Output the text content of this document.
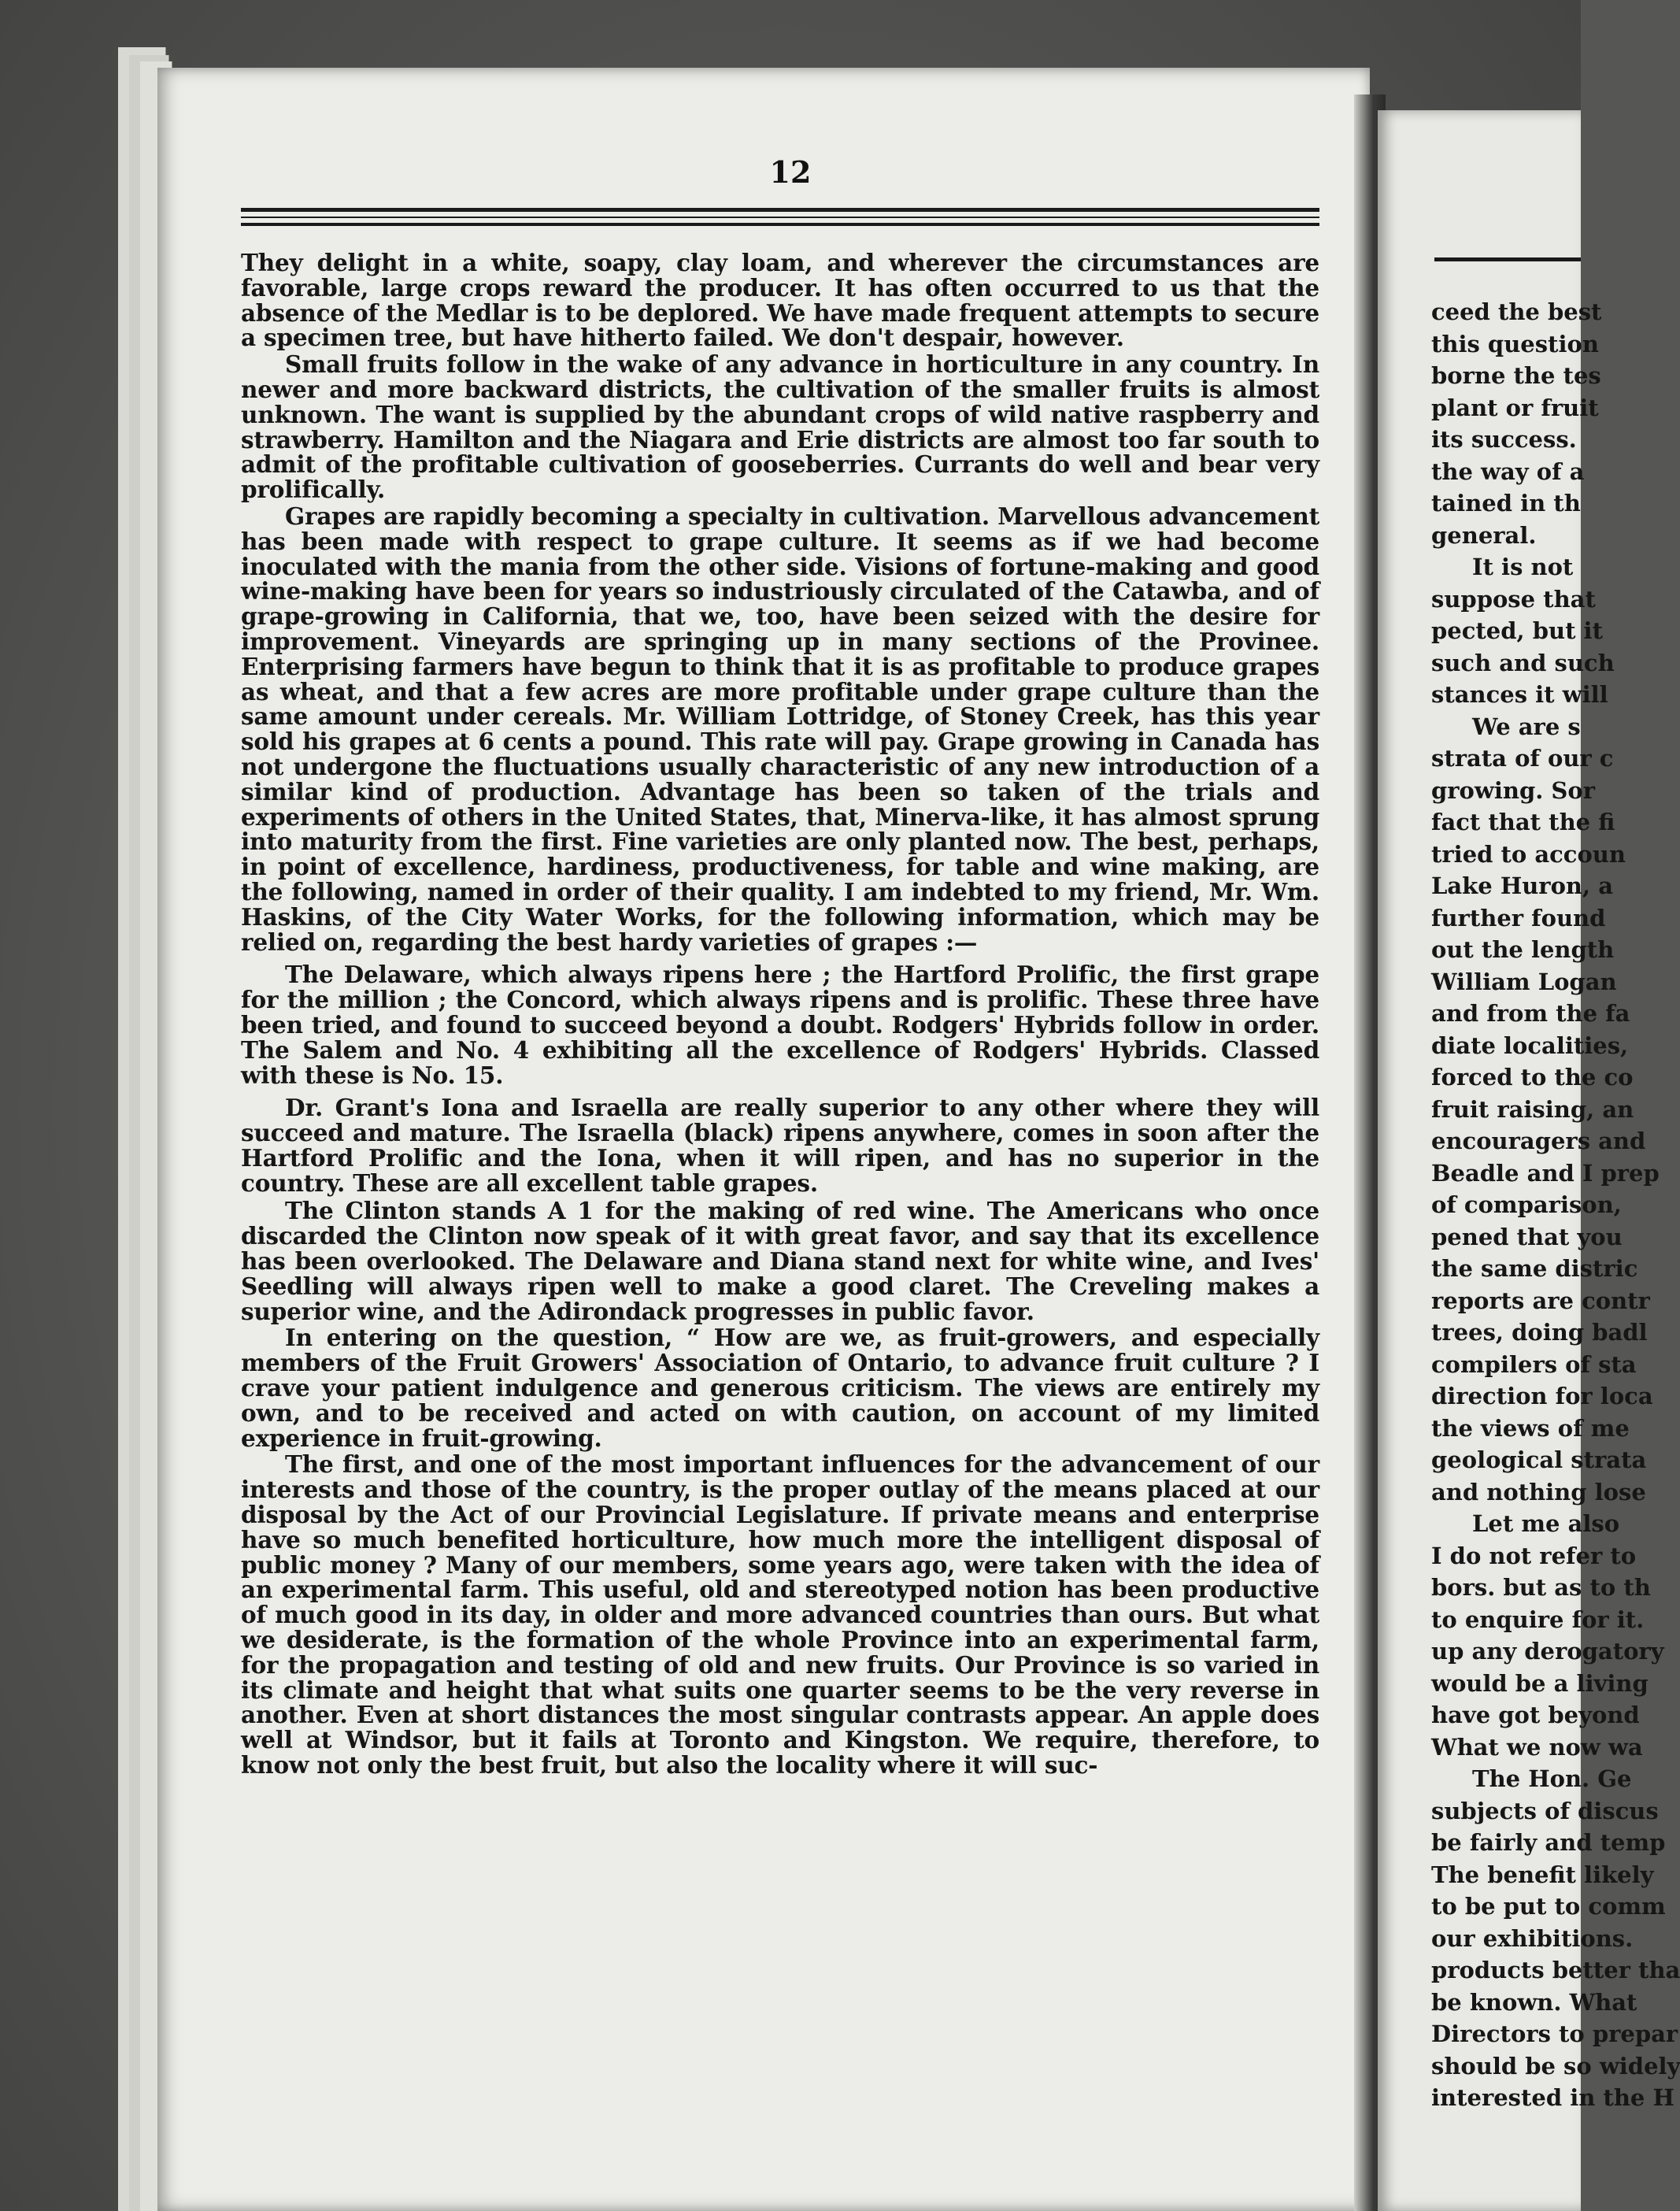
12

They delight in a white, soapy, clay loam, and wherever the circumstances are favorable, large crops reward the producer. It has often occurred to us that the absence of the Medlar is to be deplored. We have made frequent attempts to secure a specimen tree, but have hitherto failed. We don't despair, however.

Small fruits follow in the wake of any advance in horticulture in any country. In newer and more backward districts, the cultivation of the smaller fruits is almost unknown. The want is supplied by the abundant crops of wild native raspberry and strawberry. Hamilton and the Niagara and Erie districts are almost too far south to admit of the profitable cultivation of gooseberries. Currants do well and bear very prolifically.

Grapes are rapidly becoming a specialty in cultivation. Marvellous advancement has been made with respect to grape culture. It seems as if we had become inoculated with the mania from the other side. Visions of fortune-making and good wine-making have been for years so industriously circulated of the Catawba, and of grape-growing in California, that we, too, have been seized with the desire for improvement. Vineyards are springing up in many sections of the Provinee. Enterprising farmers have begun to think that it is as profitable to produce grapes as wheat, and that a few acres are more profitable under grape culture than the same amount under cereals. Mr. William Lottridge, of Stoney Creek, has this year sold his grapes at 6 cents a pound. This rate will pay. Grape growing in Canada has not undergone the fluctuations usually characteristic of any new introduction of a similar kind of production. Advantage has been so taken of the trials and experiments of others in the United States, that, Minerva-like, it has almost sprung into maturity from the first. Fine varieties are only planted now. The best, perhaps, in point of excellence, hardiness, productiveness, for table and wine making, are the following, named in order of their quality. I am indebted to my friend, Mr. Wm. Haskins, of the City Water Works, for the following information, which may be relied on, regarding the best hardy varieties of grapes :—

The Delaware, which always ripens here ; the Hartford Prolific, the first grape for the million ; the Concord, which always ripens and is prolific. These three have been tried, and found to succeed beyond a doubt. Rodgers' Hybrids follow in order. The Salem and No. 4 exhibiting all the excellence of Rodgers' Hybrids. Classed with these is No. 15.

Dr. Grant's Iona and Israella are really superior to any other where they will succeed and mature. The Israella (black) ripens anywhere, comes in soon after the Hartford Prolific and the Iona, when it will ripen, and has no superior in the country. These are all excellent table grapes.

The Clinton stands A 1 for the making of red wine. The Americans who once discarded the Clinton now speak of it with great favor, and say that its excellence has been overlooked. The Delaware and Diana stand next for white wine, and Ives' Seedling will always ripen well to make a good claret. The Creveling makes a superior wine, and the Adirondack progresses in public favor.

In entering on the question, “ How are we, as fruit-growers, and especially members of the Fruit Growers' Association of Ontario, to advance fruit culture ? I crave your patient indulgence and generous criticism. The views are entirely my own, and to be received and acted on with caution, on account of my limited experience in fruit-growing.

The first, and one of the most important influences for the advancement of our interests and those of the country, is the proper outlay of the means placed at our disposal by the Act of our Provincial Legislature. If private means and enterprise have so much benefited horticulture, how much more the intelligent disposal of public money ? Many of our members, some years ago, were taken with the idea of an experimental farm. This useful, old and stereotyped notion has been productive of much good in its day, in older and more advanced countries than ours. But what we desiderate, is the formation of the whole Province into an experimental farm, for the propagation and testing of old and new fruits. Our Province is so varied in its climate and height that what suits one quarter seems to be the very reverse in another. Even at short distances the most singular contrasts appear. An apple does well at Windsor, but it fails at Toronto and Kingston. We require, therefore, to know not only the best fruit, but also the locality where it will suc-

ceed the best
this question
borne the tes
plant or fruit
its success.
the way of a
tained in th
general.
It is not
suppose that
pected, but it
such and such
stances it will
We are s
strata of our c
growing. Sor
fact that the fi
tried to accoun
Lake Huron, a
further found
out the length
William Logan
and from the fa
diate localities,
forced to the co
fruit raising, an
encouragers and
Beadle and I prep
of comparison,
pened that you
the same distric
reports are contr
trees, doing badl
compilers of sta
direction for loca
the views of me
geological strata
and nothing lose
Let me also
I do not refer to
bors. but as to th
to enquire for it.
up any derogatory
would be a living
have got beyond
What we now wa
The Hon. Ge
subjects of discus
be fairly and temp
The benefit likely
to be put to comm
our exhibitions.
products better tha
be known. What
Directors to prepar
should be so widely
interested in the H
